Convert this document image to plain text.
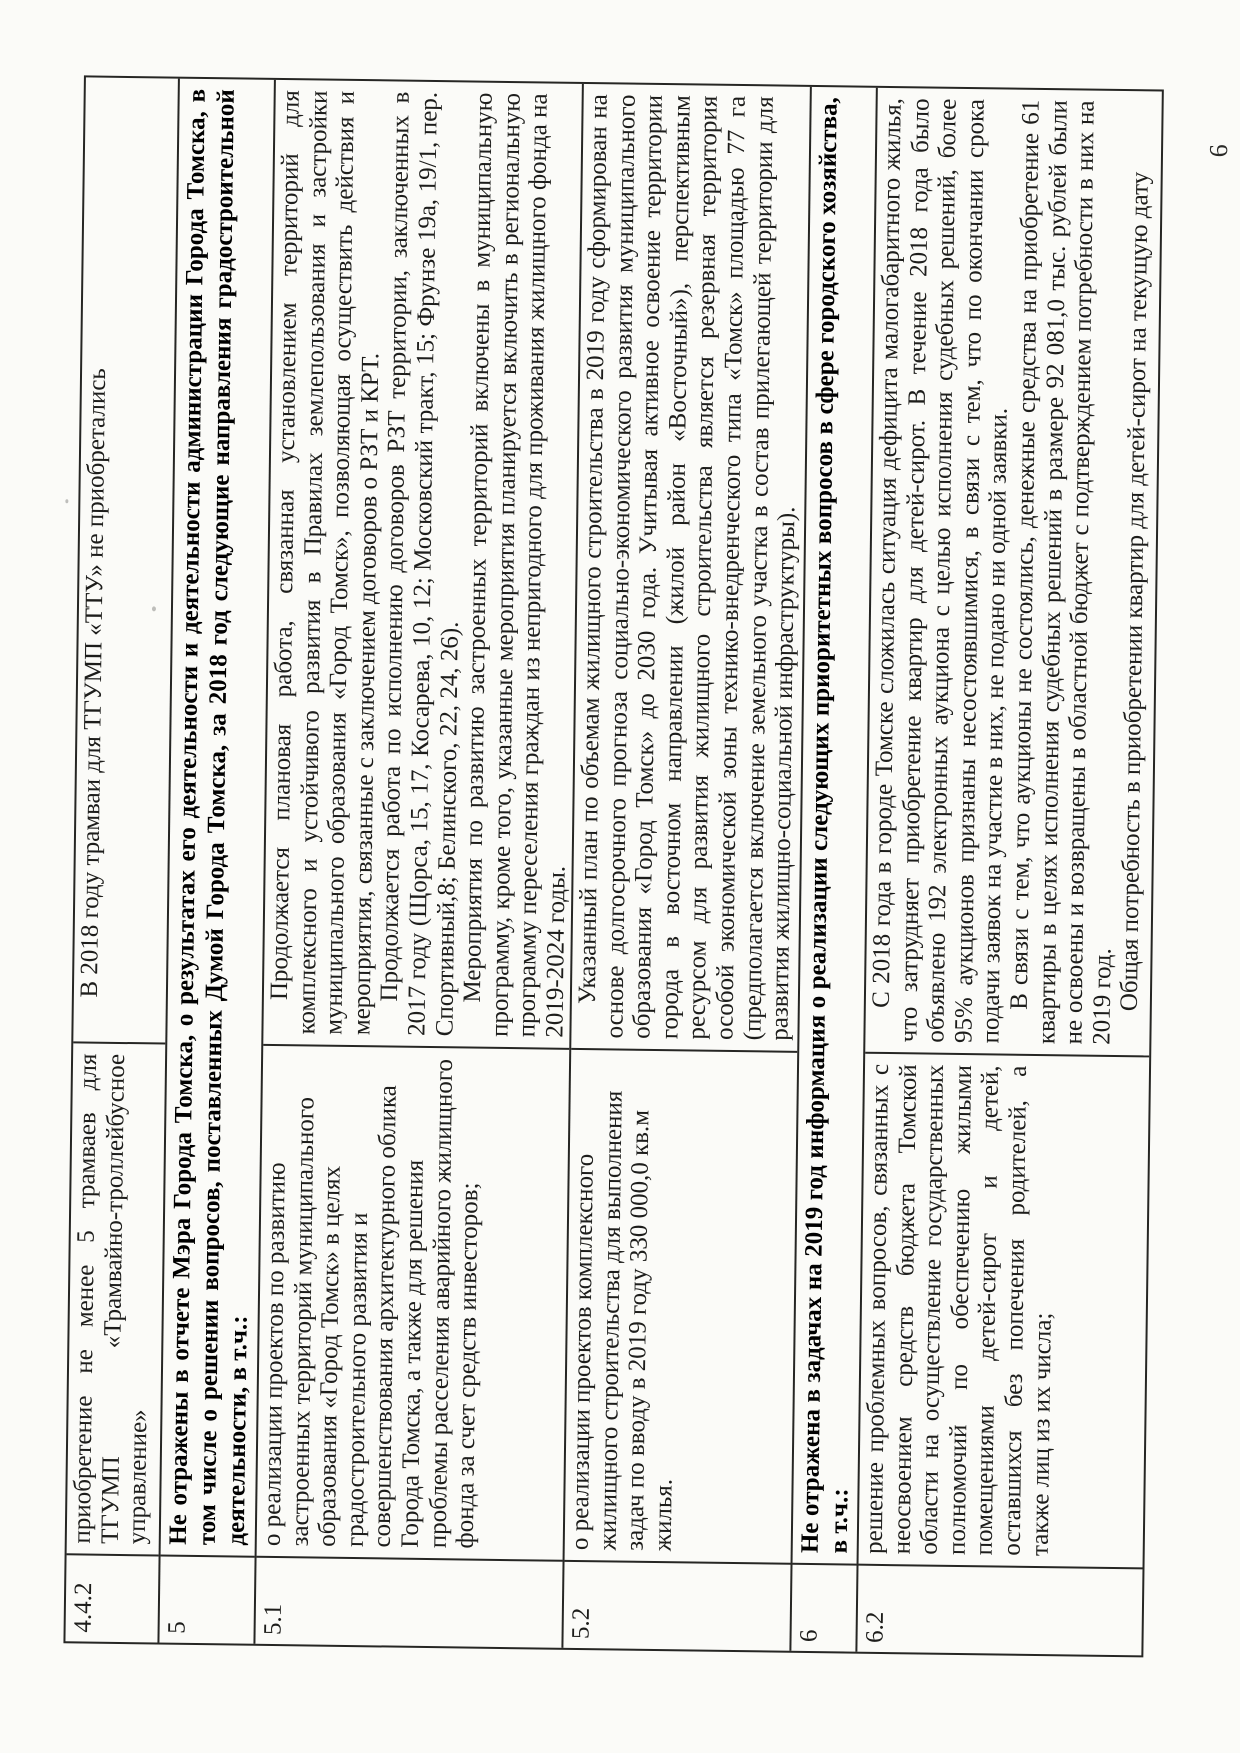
4.4.2

приобретение не менее 5 трамваев для ТГУМП «Трамвайно-троллейбусное управление»

В 2018 году трамваи для ТГУМП «ТТУ» не приобретались

5

Не отражены в отчете Мэра Города Томска, о результатах его деятельности и деятельности администрации Города Томска, в том числе о решении вопросов, поставленных Думой Города Томска, за 2018 год следующие направления градостроительной деятельности, в т.ч.:

5.1

о реализации проектов по развитию застроенных территорий муниципального образования «Город Томск» в целях градостроительного развития и совершенствования архитектурного облика Города Томска, а также для решения проблемы расселения аварийного жилищного фонда за счет средств инвесторов;

Продолжается плановая работа, связанная установлением территорий для комплексного и устойчивого развития в Правилах землепользования и застройки муниципального образования «Город Томск», позволяющая осуществить действия и мероприятия, связанные с заключением договоров о РЗТ и КРТ.

Продолжается работа по исполнению договоров РЗТ территории, заключенных в 2017 году (Щорса, 15, 17, Косарева, 10, 12; Московский тракт, 15; Фрунзе 19а, 19/1, пер. Спортивный,8; Белинского, 22, 24, 26).

Мероприятия по развитию застроенных территорий включены в муниципальную программу, кроме того, указанные мероприятия планируется включить в региональную программу переселения граждан из непригодного для проживания жилищного фонда на 2019-2024 годы.

5.2

о реализации проектов комплексного жилищного строительства для выполнения задач по вводу в 2019 году 330 000,0 кв.м жилья.

Указанный план по объемам жилищного строительства в 2019 году сформирован на основе долгосрочного прогноза социально-экономического развития муниципального образования «Город Томск» до 2030 года. Учитывая активное освоение территории города в восточном направлении (жилой район «Восточный»), перспективным ресурсом для развития жилищного строительства является резервная территория особой экономической зоны технико-внедренческого типа «Томск» площадью 77 га (предполагается включение земельного участка в состав прилегающей территории для развития жилищно-социальной инфраструктуры).

6

Не отражена в задачах на 2019 год информация о реализации следующих приоритетных вопросов в сфере городского хозяйства, в т.ч.:

6.2

решение проблемных вопросов, связанных с неосвоением средств бюджета Томской области на осуществление государственных полномочий по обеспечению жилыми помещениями детей-сирот и детей, оставшихся без попечения родителей, а также лиц из их числа;

С 2018 года в городе Томске сложилась ситуация дефицита малогабаритного жилья, что затрудняет приобретение квартир для детей-сирот. В течение 2018 года было объявлено 192 электронных аукциона с целью исполнения судебных решений, более 95% аукционов признаны несостоявшимися, в связи с тем, что по окончании срока подачи заявок на участие в них, не подано ни одной заявки.

В связи с тем, что аукционы не состоялись, денежные средства на приобретение 61 квартиры в целях исполнения судебных решений в размере 92 081,0 тыс. рублей были не освоены и возвращены в областной бюджет с подтверждением потребности в них на 2019 год. Общая потребность в приобретении квартир для детей-сирот на текущую дату

6
